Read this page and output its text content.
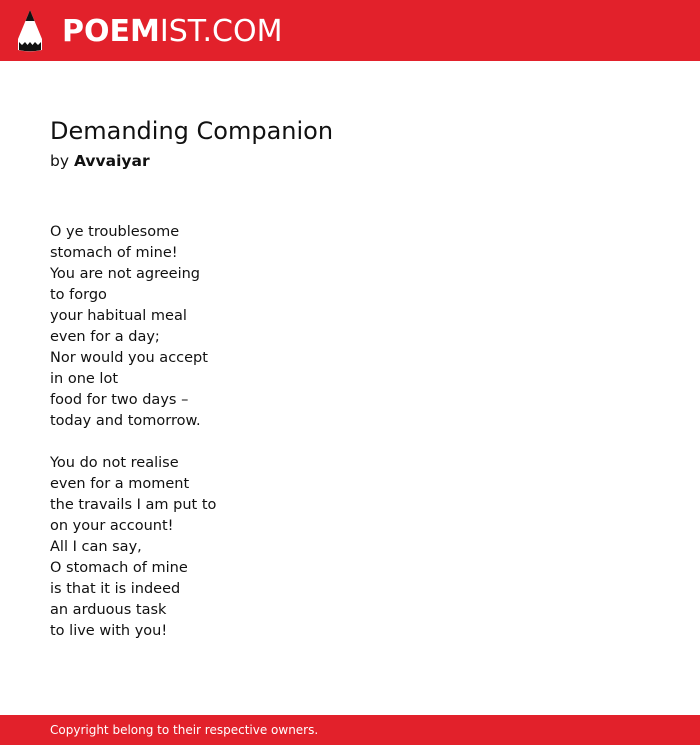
POEM IST.COM
Demanding Companion
by Avvaiyar

O ye troublesome
stomach of mine!
You are not agreeing
to forgo
your habitual meal
even for a day;
Nor would you accept
in one lot
food for two days –
today and tomorrow.

You do not realise
even for a moment
the travails I am put to
on your account!
All I can say,
O stomach of mine
is that it is indeed
an arduous task
to live with you!

Copyright belong to their respective owners.
